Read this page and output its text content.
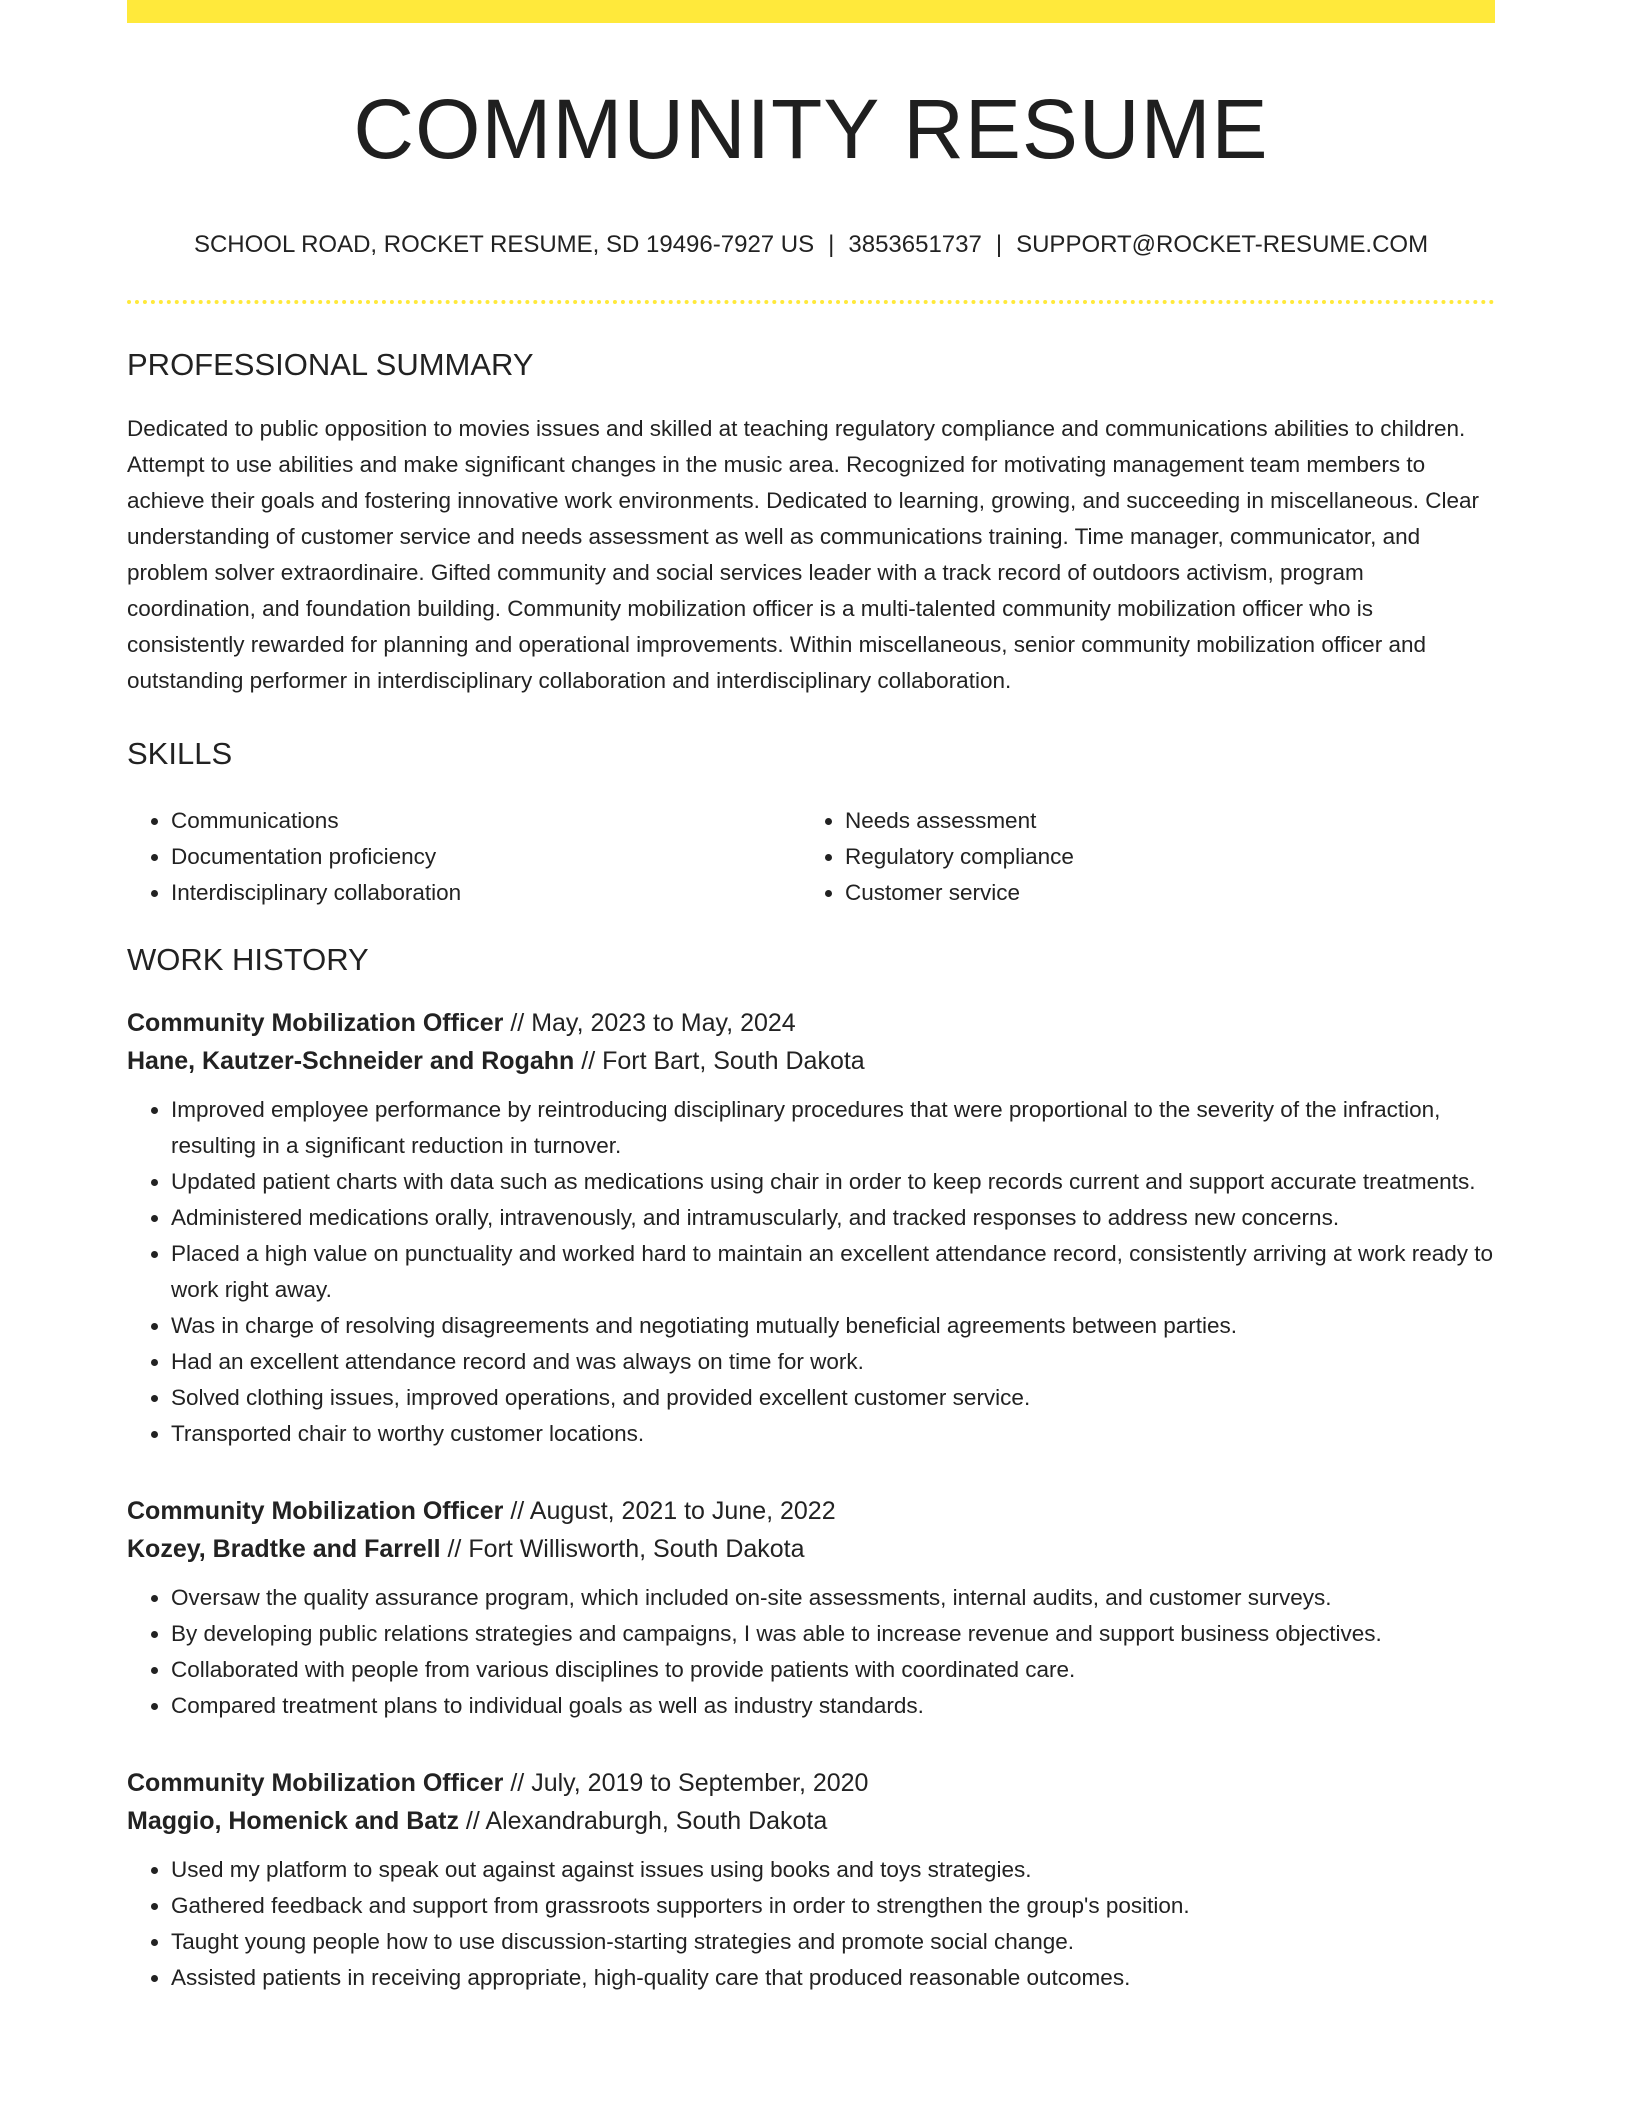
COMMUNITY RESUME
SCHOOL ROAD, ROCKET RESUME, SD 19496-7927 US | 3853651737 | SUPPORT@ROCKET-RESUME.COM
PROFESSIONAL SUMMARY

Dedicated to public opposition to movies issues and skilled at teaching regulatory compliance and communications abilities to children. Attempt to use abilities and make significant changes in the music area. Recognized for motivating management team members to achieve their goals and fostering innovative work environments. Dedicated to learning, growing, and succeeding in miscellaneous. Clear understanding of customer service and needs assessment as well as communications training. Time manager, communicator, and problem solver extraordinaire. Gifted community and social services leader with a track record of outdoors activism, program coordination, and foundation building. Community mobilization officer is a multi-talented community mobilization officer who is consistently rewarded for planning and operational improvements. Within miscellaneous, senior community mobilization officer and outstanding performer in interdisciplinary collaboration and interdisciplinary collaboration.

SKILLS
• Communications
• Documentation proficiency
• Interdisciplinary collaboration
• Needs assessment
• Regulatory compliance
• Customer service
WORK HISTORY
Community Mobilization Officer // May, 2023 to May, 2024
Hane, Kautzer-Schneider and Rogahn // Fort Bart, South Dakota
• Improved employee performance by reintroducing disciplinary procedures that were proportional to the severity of the infraction, resulting in a significant reduction in turnover.
• Updated patient charts with data such as medications using chair in order to keep records current and support accurate treatments.
• Administered medications orally, intravenously, and intramuscularly, and tracked responses to address new concerns.
• Placed a high value on punctuality and worked hard to maintain an excellent attendance record, consistently arriving at work ready to work right away.
• Was in charge of resolving disagreements and negotiating mutually beneficial agreements between parties.
• Had an excellent attendance record and was always on time for work.
• Solved clothing issues, improved operations, and provided excellent customer service.
• Transported chair to worthy customer locations.
Community Mobilization Officer // August, 2021 to June, 2022
Kozey, Bradtke and Farrell // Fort Willisworth, South Dakota
• Oversaw the quality assurance program, which included on-site assessments, internal audits, and customer surveys.
• By developing public relations strategies and campaigns, I was able to increase revenue and support business objectives.
• Collaborated with people from various disciplines to provide patients with coordinated care.
• Compared treatment plans to individual goals as well as industry standards.
Community Mobilization Officer // July, 2019 to September, 2020
Maggio, Homenick and Batz // Alexandraburgh, South Dakota
• Used my platform to speak out against against issues using books and toys strategies.
• Gathered feedback and support from grassroots supporters in order to strengthen the group's position.
• Taught young people how to use discussion-starting strategies and promote social change.
• Assisted patients in receiving appropriate, high-quality care that produced reasonable outcomes.
